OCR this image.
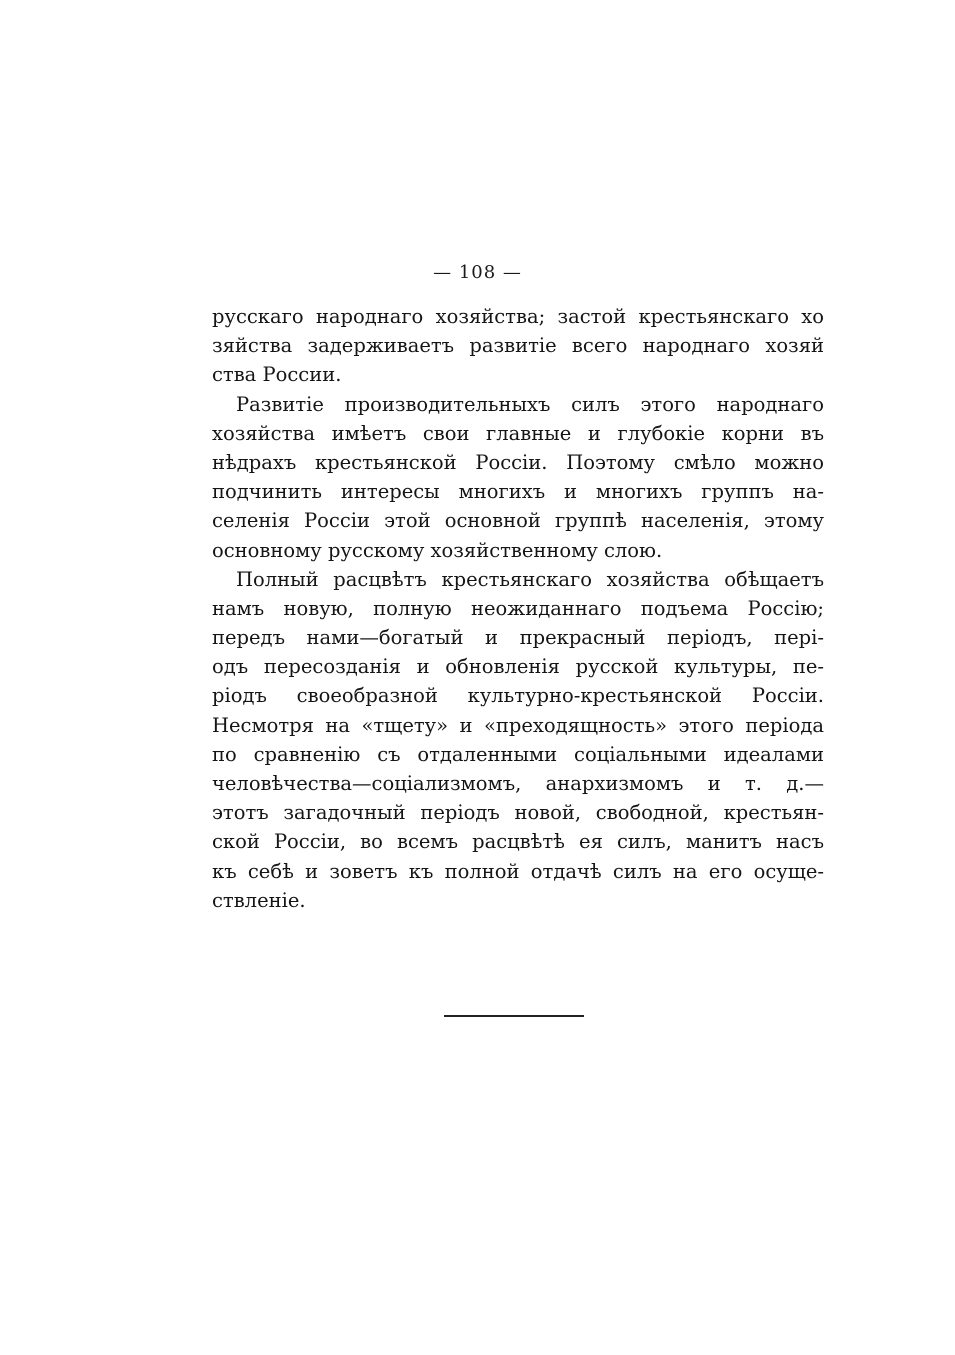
— 108 —
русскаго народнаго хозяйства; застой крестьянскаго хо
зяйства задерживаетъ развитіе всего народнаго хозяй
ства России.
Развитіе производительныхъ силъ этого народнаго
хозяйства имѣетъ свои главные и глубокіе корни въ
нѣдрахъ крестьянской Россіи. Поэтому смѣло можно
подчинить интересы многихъ и многихъ группъ на-
селенія Россіи этой основной группѣ населенія, этому
основному русскому хозяйственному слою.
Полный расцвѣтъ крестьянскаго хозяйства обѣщаетъ
намъ новую, полную неожиданнаго подъема Россію;
передъ нами—богатый и прекрасный періодъ, пері-
одъ пересозданія и обновленія русской культуры, пе-
ріодъ своеобразной культурно-крестьянской Россіи.
Несмотря на «тщету» и «преходящность» этого періода
по сравненію съ отдаленными соціальными идеалами
человѣчества—соціализмомъ, анархизмомъ и т. д.—
этотъ загадочный періодъ новой, свободной, крестьян-
ской Россіи, во всемъ расцвѣтѣ ея силъ, манитъ насъ
къ себѣ и зоветъ къ полной отдачѣ силъ на его осуще-
ствленіе.
